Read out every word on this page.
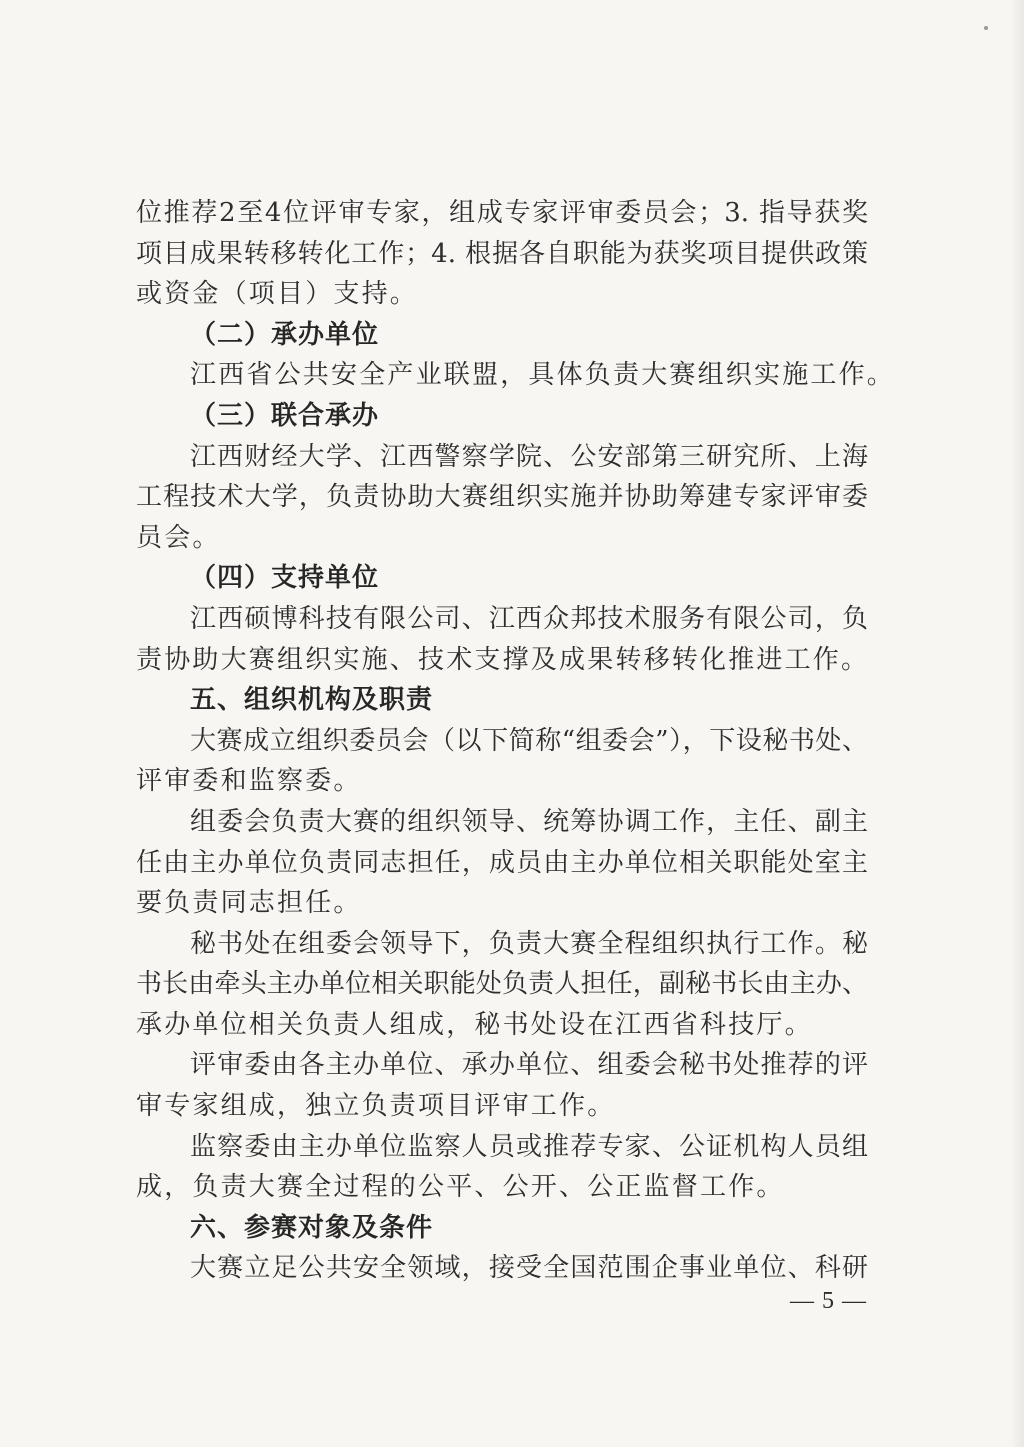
位推荐2至4位评审专家，组成专家评审委员会；3. 指导获奖
项目成果转移转化工作；4. 根据各自职能为获奖项目提供政策
或资金（项目）支持。
（二）承办单位
江西省公共安全产业联盟，具体负责大赛组织实施工作。
（三）联合承办
江西财经大学、江西警察学院、公安部第三研究所、上海
工程技术大学，负责协助大赛组织实施并协助筹建专家评审委
员会。
（四）支持单位
江西硕博科技有限公司、江西众邦技术服务有限公司，负
责协助大赛组织实施、技术支撑及成果转移转化推进工作。
五、组织机构及职责
大赛成立组织委员会（以下简称“组委会”），下设秘书处、
评审委和监察委。
组委会负责大赛的组织领导、统筹协调工作，主任、副主
任由主办单位负责同志担任，成员由主办单位相关职能处室主
要负责同志担任。
秘书处在组委会领导下，负责大赛全程组织执行工作。秘
书长由牵头主办单位相关职能处负责人担任，副秘书长由主办、
承办单位相关负责人组成，秘书处设在江西省科技厅。
评审委由各主办单位、承办单位、组委会秘书处推荐的评
审专家组成，独立负责项目评审工作。
监察委由主办单位监察人员或推荐专家、公证机构人员组
成，负责大赛全过程的公平、公开、公正监督工作。
六、参赛对象及条件
大赛立足公共安全领域，接受全国范围企事业单位、科研
— 5 —
